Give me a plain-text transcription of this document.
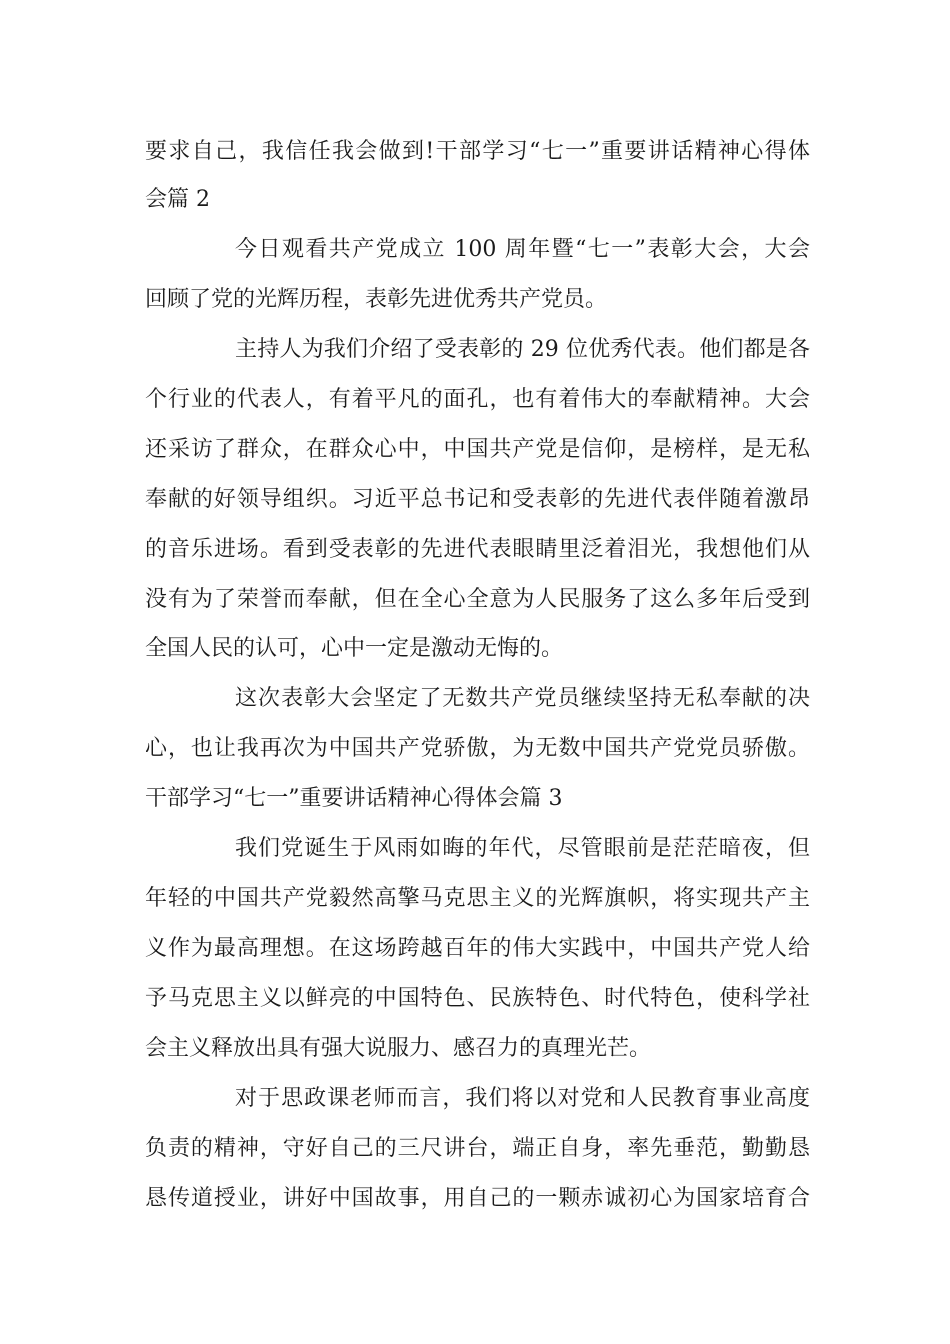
要求自己，我信任我会做到!干部学习“七一”重要讲话精神心得体
会篇 2
今日观看共产党成立 100 周年暨“七一”表彰大会，大会
回顾了党的光辉历程，表彰先进优秀共产党员。
主持人为我们介绍了受表彰的 29 位优秀代表。他们都是各
个行业的代表人，有着平凡的面孔，也有着伟大的奉献精神。大会
还采访了群众，在群众心中，中国共产党是信仰，是榜样，是无私
奉献的好领导组织。习近平总书记和受表彰的先进代表伴随着激昂
的音乐进场。看到受表彰的先进代表眼睛里泛着泪光，我想他们从
没有为了荣誉而奉献，但在全心全意为人民服务了这么多年后受到
全国人民的认可，心中一定是激动无悔的。
这次表彰大会坚定了无数共产党员继续坚持无私奉献的决
心，也让我再次为中国共产党骄傲，为无数中国共产党党员骄傲。
干部学习“七一”重要讲话精神心得体会篇 3
我们党诞生于风雨如晦的年代，尽管眼前是茫茫暗夜，但
年轻的中国共产党毅然高擎马克思主义的光辉旗帜，将实现共产主
义作为最高理想。在这场跨越百年的伟大实践中，中国共产党人给
予马克思主义以鲜亮的中国特色、民族特色、时代特色，使科学社
会主义释放出具有强大说服力、感召力的真理光芒。
对于思政课老师而言，我们将以对党和人民教育事业高度
负责的精神，守好自己的三尺讲台，端正自身，率先垂范，勤勤恳
恳传道授业，讲好中国故事，用自己的一颗赤诚初心为国家培育合
